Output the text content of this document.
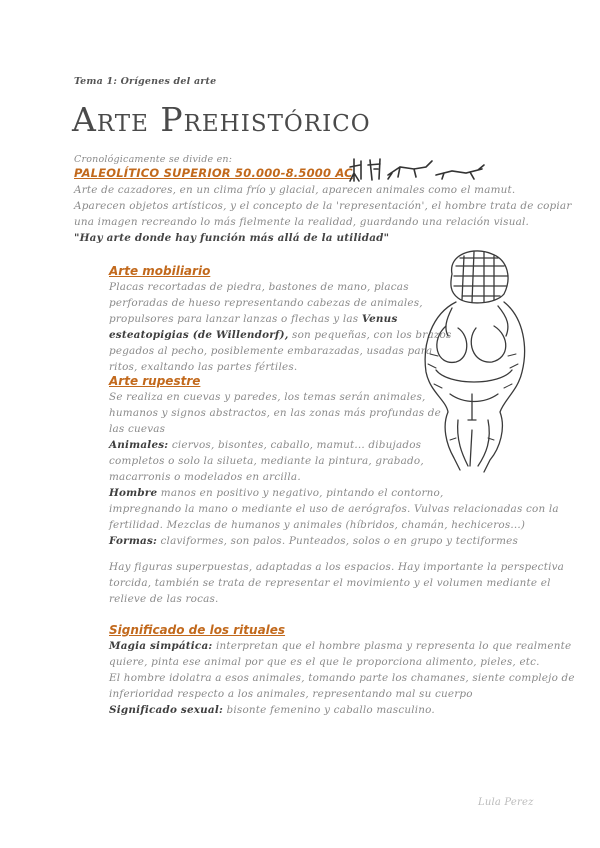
Tema 1: Orígenes del arte
Arte Prehistórico
Cronológicamente se divide en:
PALEOLÍTICO SUPERIOR 50.000-8.5000 AC
Arte de cazadores, en un clima frío y glacial, aparecen animales como el mamut.
Aparecen objetos artísticos, y el concepto de la 'representación', el hombre trata de copiar
una imagen recreando lo más fielmente la realidad, guardando una relación visual.
"Hay arte donde hay función más allá de la utilidad"
Arte mobiliario
Placas recortadas de piedra, bastones de mano, placas
perforadas de hueso representando cabezas de animales,
propulsores para lanzar lanzas o flechas y las Venus
esteatopigias (de Willendorf), son pequeñas, con los brazos
pegados al pecho, posiblemente embarazadas, usadas para
ritos, exaltando las partes fértiles.
Arte rupestre
Se realiza en cuevas y paredes, los temas serán animales,
humanos y signos abstractos, en las zonas más profundas de
las cuevas
Animales: ciervos, bisontes, caballo, mamut... dibujados
completos o solo la silueta, mediante la pintura, grabado,
macarronis o modelados en arcilla.
Hombre manos en positivo y negativo, pintando el contorno,
impregnando la mano o mediante el uso de aerógrafos. Vulvas relacionadas con la
fertilidad. Mezclas de humanos y animales (híbridos, chamán, hechiceros...)
Formas: claviformes, son palos. Punteados, solos o en grupo y tectiformes
Hay figuras superpuestas, adaptadas a los espacios. Hay importante la perspectiva
torcida, también se trata de representar el movimiento y el volumen mediante el
relieve de las rocas.
Significado de los rituales
Magia simpática: interpretan que el hombre plasma y representa lo que realmente
quiere, pinta ese animal por que es el que le proporciona alimento, pieles, etc.
El hombre idolatra a esos animales, tomando parte los chamanes, siente complejo de
inferioridad respecto a los animales, representando mal su cuerpo
Significado sexual: bisonte femenino y caballo masculino.
Lula Perez
